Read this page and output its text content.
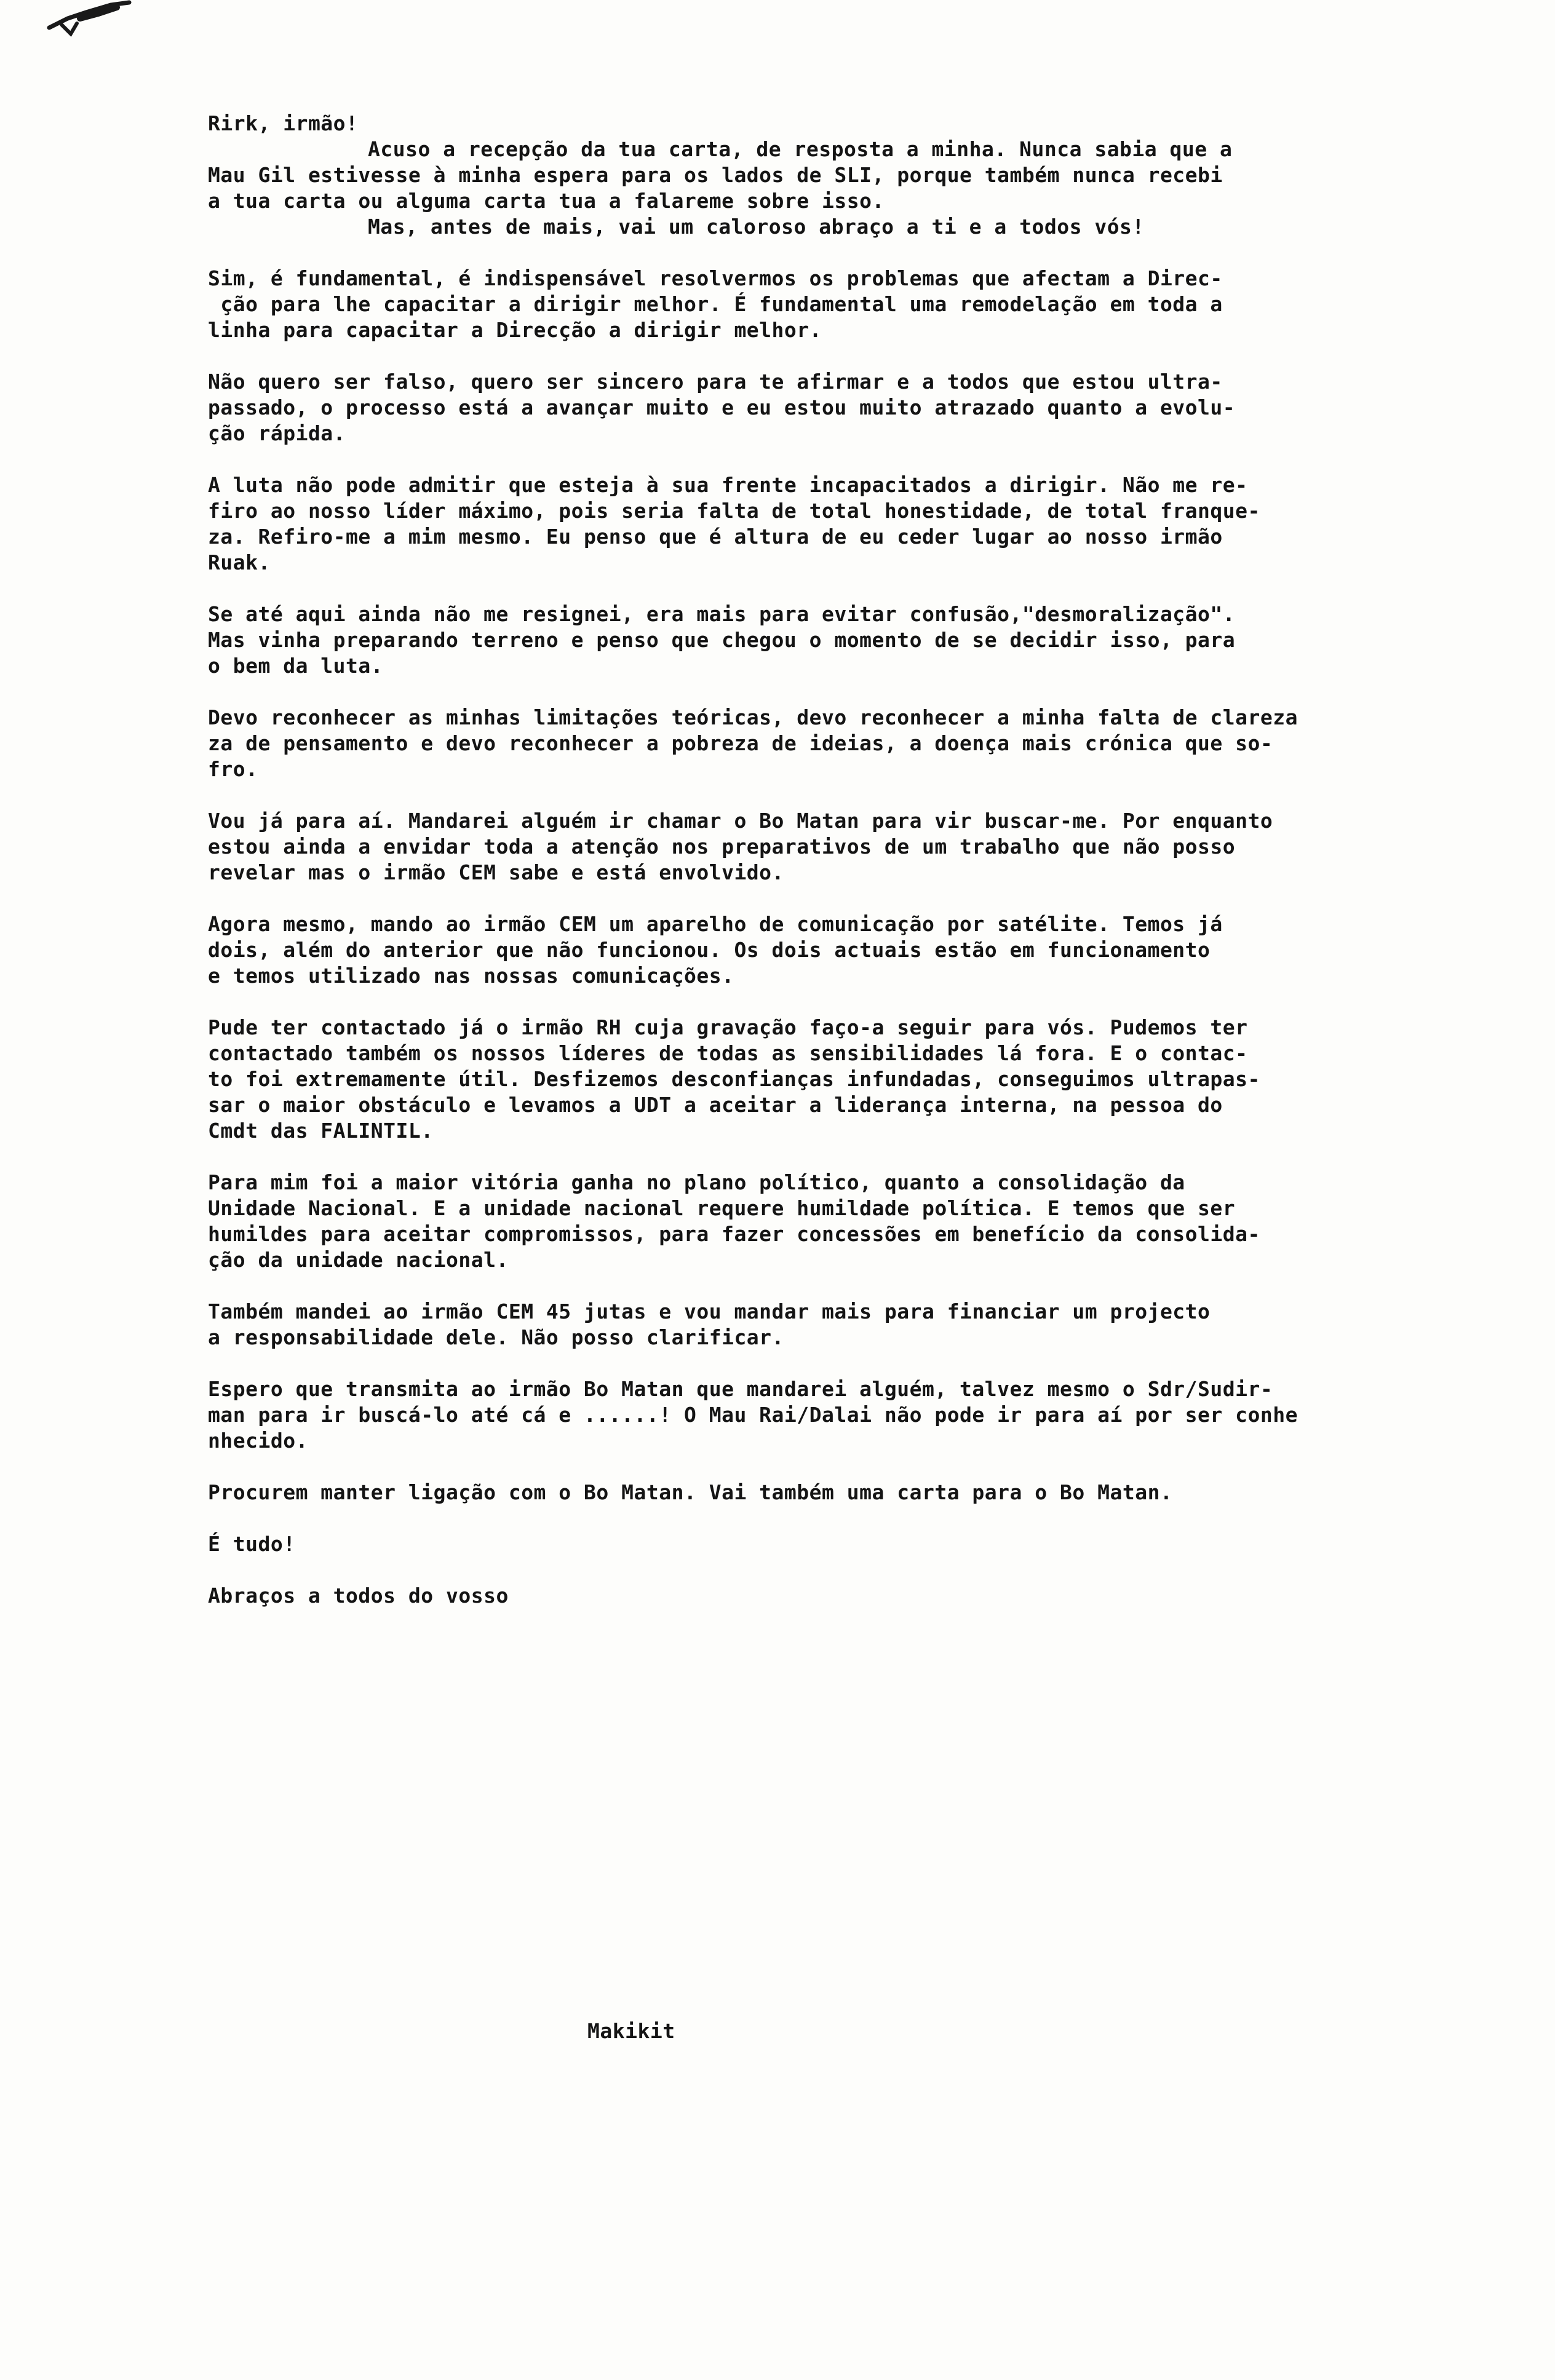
Rirk, irmão!
Acuso a recepção da tua carta, de resposta a minha. Nunca sabia que a
Mau Gil estivesse à minha espera para os lados de SLI, porque também nunca recebi
a tua carta ou alguma carta tua a falareme sobre isso.
Mas, antes de mais, vai um caloroso abraço a ti e a todos vós!
Sim, é fundamental, é indispensável resolvermos os problemas que afectam a Direc-
ção para lhe capacitar a dirigir melhor. É fundamental uma remodelação em toda a
linha para capacitar a Direcção a dirigir melhor.
Não quero ser falso, quero ser sincero para te afirmar e a todos que estou ultra-
passado, o processo está a avançar muito e eu estou muito atrazado quanto a evolu-
ção rápida.
A luta não pode admitir que esteja à sua frente incapacitados a dirigir. Não me re-
firo ao nosso líder máximo, pois seria falta de total honestidade, de total franque-
za. Refiro-me a mim mesmo. Eu penso que é altura de eu ceder lugar ao nosso irmão
Ruak.
Se até aqui ainda não me resignei, era mais para evitar confusão,"desmoralização".
Mas vinha preparando terreno e penso que chegou o momento de se decidir isso, para
o bem da luta.
Devo reconhecer as minhas limitações teóricas, devo reconhecer a minha falta de clareza
za de pensamento e devo reconhecer a pobreza de ideias, a doença mais crónica que so-
fro.
Vou já para aí. Mandarei alguém ir chamar o Bo Matan para vir buscar-me. Por enquanto
estou ainda a envidar toda a atenção nos preparativos de um trabalho que não posso
revelar mas o irmão CEM sabe e está envolvido.
Agora mesmo, mando ao irmão CEM um aparelho de comunicação por satélite. Temos já
dois, além do anterior que não funcionou. Os dois actuais estão em funcionamento
e temos utilizado nas nossas comunicações.
Pude ter contactado já o irmão RH cuja gravação faço-a seguir para vós. Pudemos ter
contactado também os nossos líderes de todas as sensibilidades lá fora. E o contac-
to foi extremamente útil. Desfizemos desconfianças infundadas, conseguimos ultrapas-
sar o maior obstáculo e levamos a UDT a aceitar a liderança interna, na pessoa do
Cmdt das FALINTIL.
Para mim foi a maior vitória ganha no plano político, quanto a consolidação da
Unidade Nacional. E a unidade nacional requere humildade política. E temos que ser
humildes para aceitar compromissos, para fazer concessões em benefício da consolida-
ção da unidade nacional.
Também mandei ao irmão CEM 45 jutas e vou mandar mais para financiar um projecto
a responsabilidade dele. Não posso clarificar.
Espero que transmita ao irmão Bo Matan que mandarei alguém, talvez mesmo o Sdr/Sudir-
man para ir buscá-lo até cá e ......! O Mau Rai/Dalai não pode ir para aí por ser conhe
nhecido.
Procurem manter ligação com o Bo Matan. Vai também uma carta para o Bo Matan.
É tudo!
Abraços a todos do vosso
Makikit
